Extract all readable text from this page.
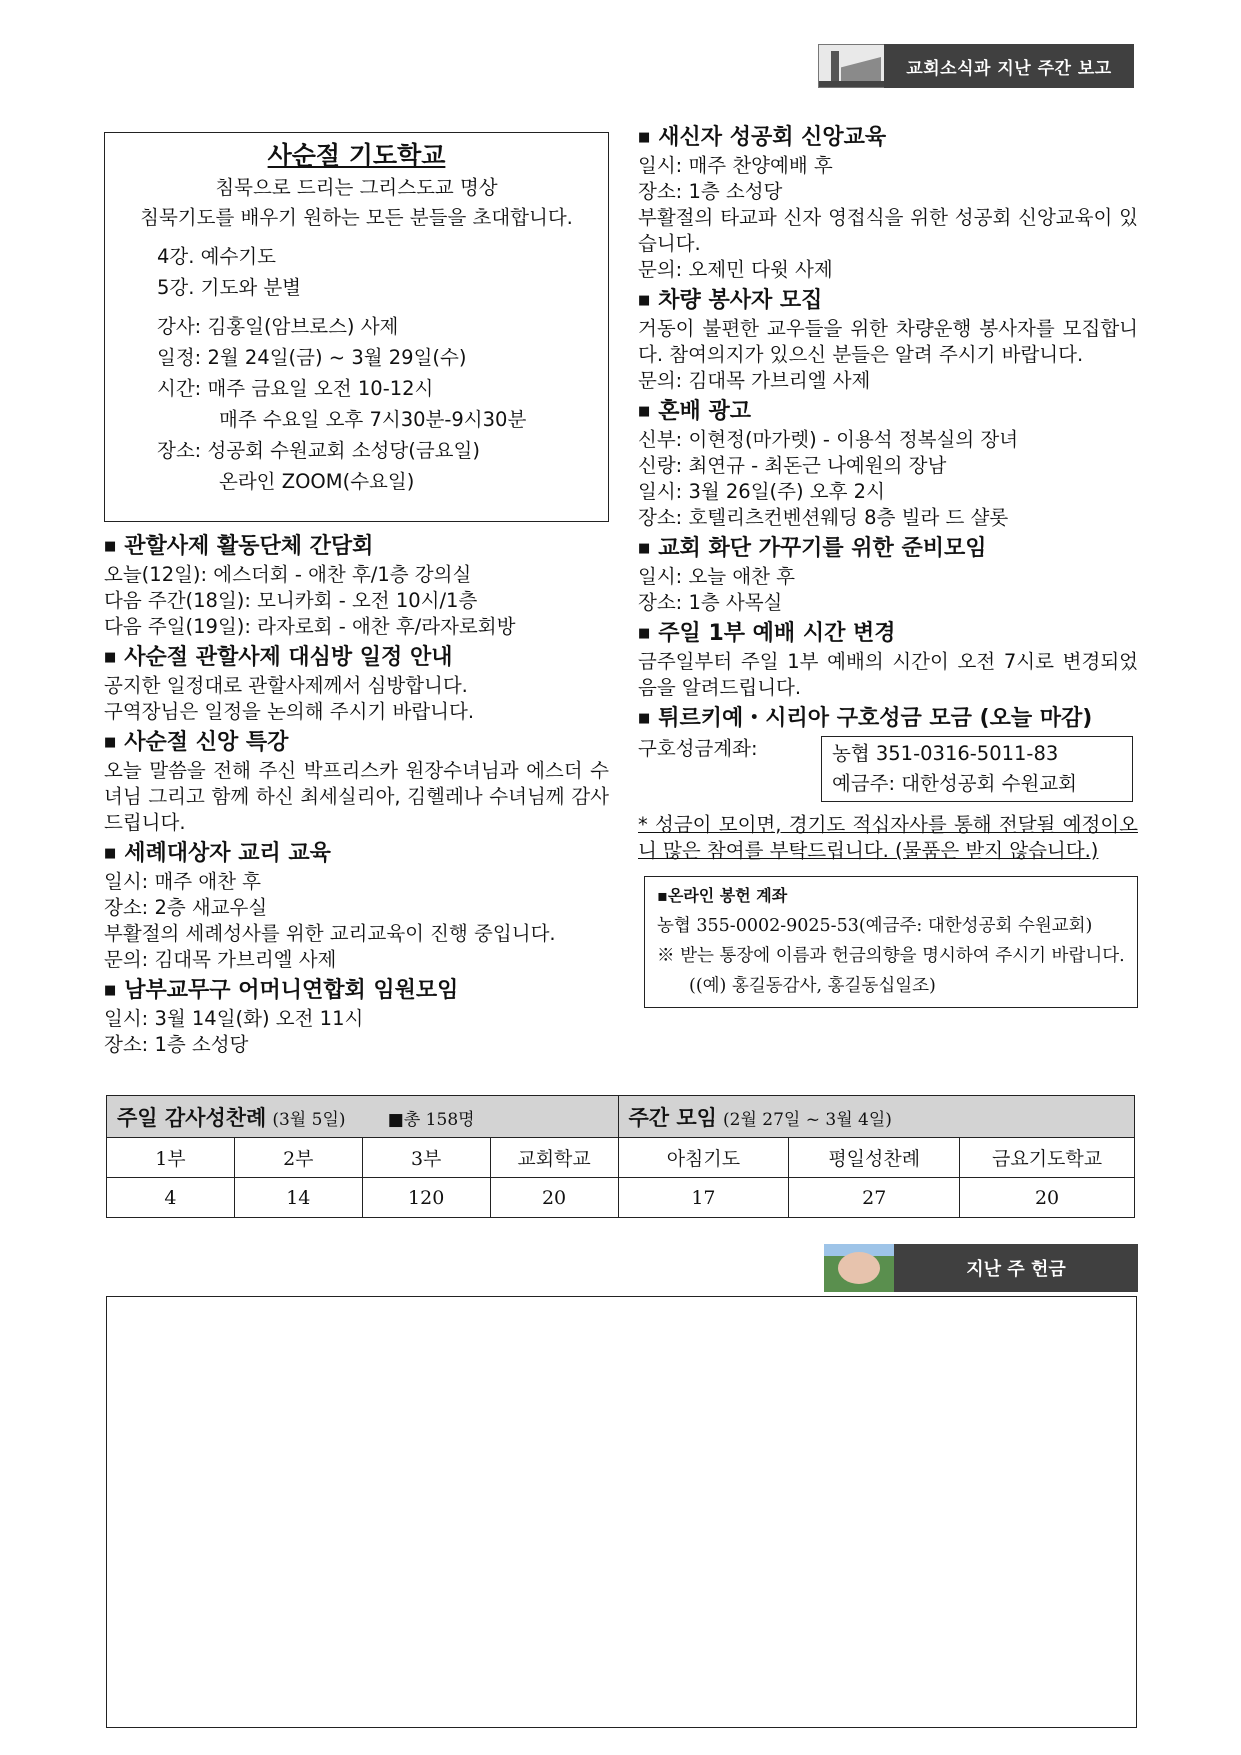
교회소식과 지난 주간 보고
사순절 기도학교
침묵으로 드리는 그리스도교 명상
침묵기도를 배우기 원하는 모든 분들을 초대합니다.
4강. 예수기도
5강. 기도와 분별
강사: 김홍일(암브로스) 사제
일정: 2월 24일(금) ~ 3월 29일(수)
시간: 매주 금요일 오전 10-12시
매주 수요일 오후 7시30분-9시30분
장소: 성공회 수원교회 소성당(금요일)
온라인 ZOOM(수요일)
■ 관할사제 활동단체 간담회
오늘(12일): 에스더회 - 애찬 후/1층 강의실
다음 주간(18일): 모니카회 - 오전 10시/1층
다음 주일(19일): 라자로회 - 애찬 후/라자로회방
■ 사순절 관할사제 대심방 일정 안내
공지한 일정대로 관할사제께서 심방합니다.
구역장님은 일정을 논의해 주시기 바랍니다.
■ 사순절 신앙 특강
오늘 말씀을 전해 주신 박프리스카 원장수녀님과 에스더 수녀님 그리고 함께 하신 최세실리아, 김헬레나 수녀님께 감사 드립니다.
■ 세례대상자 교리 교육
일시: 매주 애찬 후
장소: 2층 새교우실
부활절의 세례성사를 위한 교리교육이 진행 중입니다.
문의: 김대목 가브리엘 사제
■ 남부교무구 어머니연합회 임원모임
일시: 3월 14일(화) 오전 11시
장소: 1층 소성당
■ 새신자 성공회 신앙교육
일시: 매주 찬양예배 후
장소: 1층 소성당
부활절의 타교파 신자 영접식을 위한 성공회 신앙교육이 있습니다.
문의: 오제민 다윗 사제
■ 차량 봉사자 모집
거동이 불편한 교우들을 위한 차량운행 봉사자를 모집합니다. 참여의지가 있으신 분들은 알려 주시기 바랍니다.
문의: 김대목 가브리엘 사제
■ 혼배 광고
신부: 이현정(마가렛) - 이용석 정복실의 장녀
신랑: 최연규 - 최돈근 나예원의 장남
일시: 3월 26일(주) 오후 2시
장소: 호텔리츠컨벤션웨딩 8층 빌라 드 샬롯
■ 교회 화단 가꾸기를 위한 준비모임
일시: 오늘 애찬 후
장소: 1층 사목실
■ 주일 1부 예배 시간 변경
금주일부터 주일 1부 예배의 시간이 오전 7시로 변경되었음을 알려드립니다.
■ 튀르키예・시리아 구호성금 모금 (오늘 마감)
구호성금계좌:	농협 351-0316-5011-83
예금주: 대한성공회 수원교회
* 성금이 모이면, 경기도 적십자사를 통해 전달될 예정이오니 많은 참여를 부탁드립니다. (물품은 받지 않습니다.)
▪온라인 봉헌 계좌
농협 355-0002-9025-53(예금주: 대한성공회 수원교회)
※ 받는 통장에 이름과 헌금의향을 명시하여 주시기 바랍니다. ((예) 홍길동감사, 홍길동십일조)
주일 감사성찬례 (3월 5일) ■총 158명				주간 모임 (2월 27일 ~ 3월 4일)		
1부	2부	3부	교회학교	아침기도	평일성찬례	금요기도학교
4	14	120	20	17	27	20
지난 주 헌금
